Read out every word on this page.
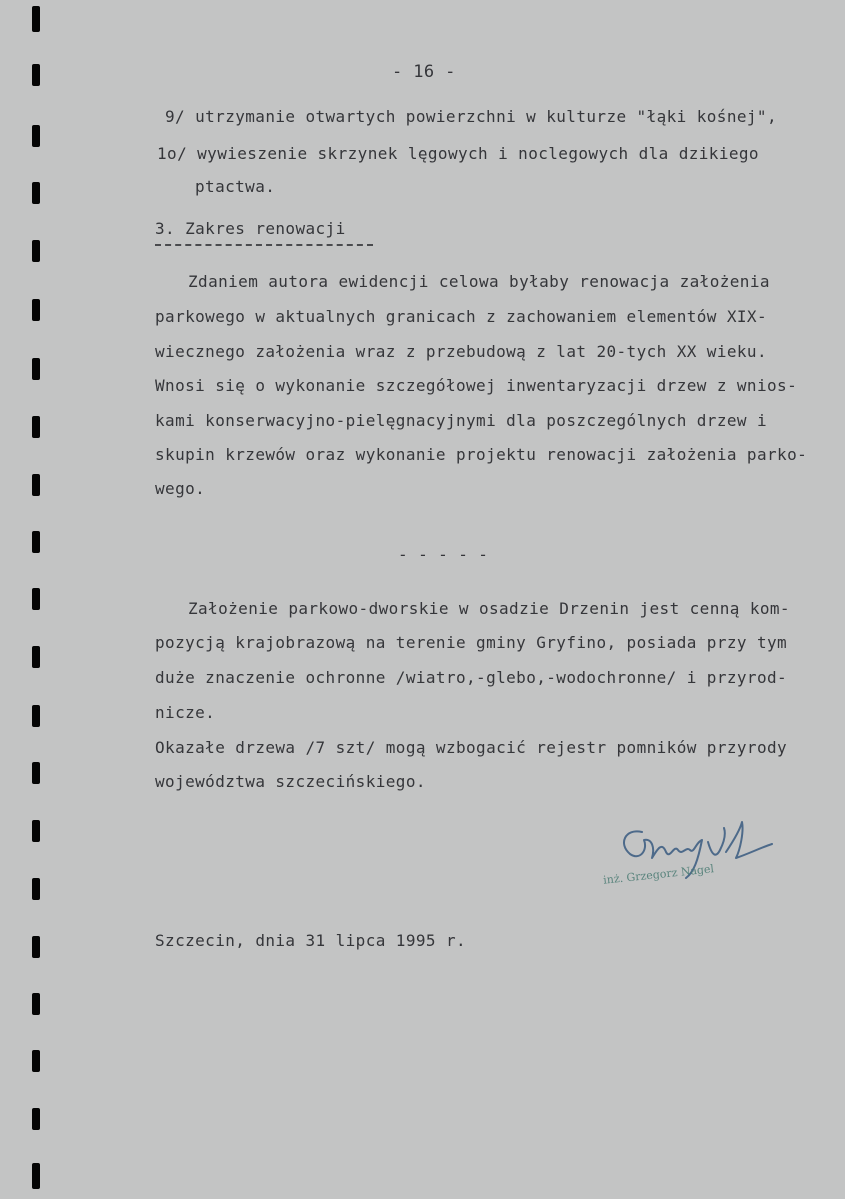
- 16 -
9/ utrzymanie otwartych powierzchni w kulturze "łąki kośnej",
1o/ wywieszenie skrzynek lęgowych i noclegowych dla dzikiego
ptactwa.
3. Zakres renowacji
Zdaniem autora ewidencji celowa byłaby renowacja założenia
parkowego w aktualnych granicach z zachowaniem elementów XIX-
wiecznego założenia wraz z przebudową z lat 20-tych XX wieku.
Wnosi się o wykonanie szczegółowej inwentaryzacji drzew z wnios-
kami konserwacyjno-pielęgnacyjnymi dla poszczególnych drzew i
skupin krzewów oraz wykonanie projektu renowacji założenia parko-
wego.
- - - - -
Założenie parkowo-dworskie w osadzie Drzenin jest cenną kom-
pozycją krajobrazową na terenie gminy Gryfino, posiada przy tym
duże znaczenie ochronne /wiatro,-glebo,-wodochronne/ i przyrod-
nicze.
Okazałe drzewa /7 szt/ mogą wzbogacić rejestr pomników przyrody
województwa szczecińskiego.
inż. Grzegorz Nagel
Szczecin, dnia 31 lipca 1995 r.
